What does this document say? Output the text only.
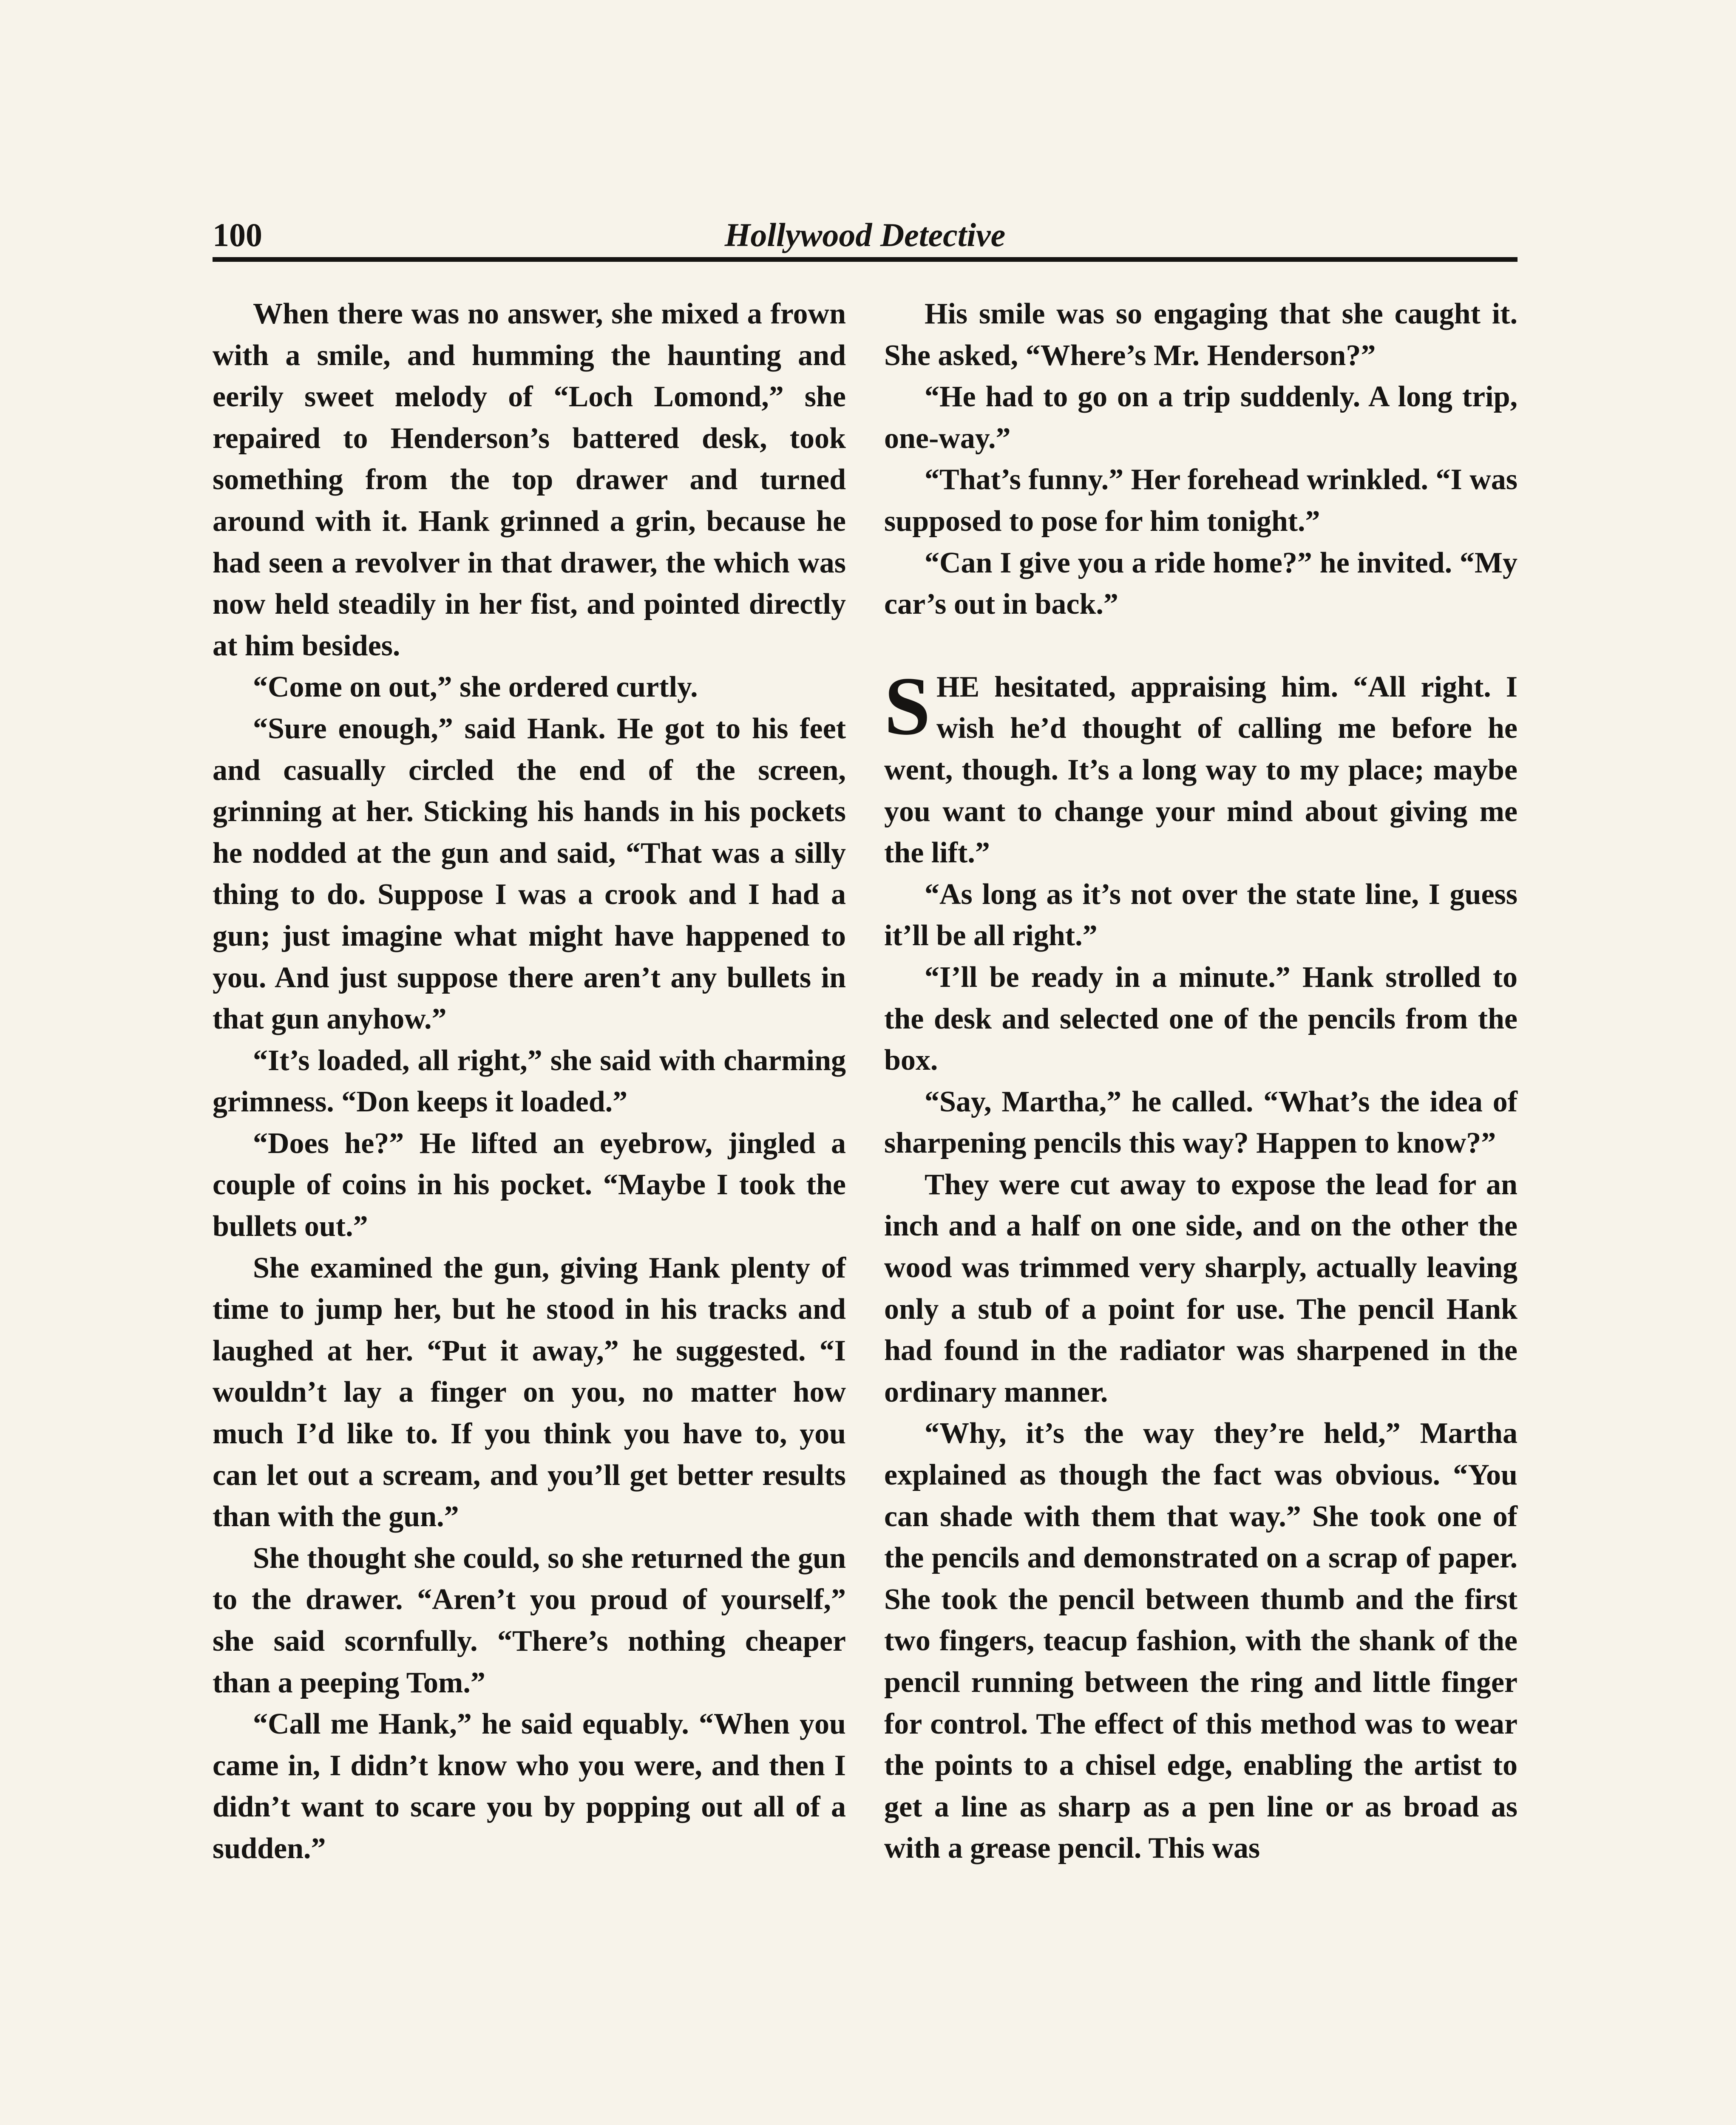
100	Hollywood Detective

When there was no answer, she mixed a frown with a smile, and humming the haunting and eerily sweet melody of “Loch Lomond,” she repaired to Henderson’s battered desk, took something from the top drawer and turned around with it. Hank grinned a grin, because he had seen a revolver in that drawer, the which was now held steadily in her fist, and pointed directly at him besides.

“Come on out,” she ordered curtly.

“Sure enough,” said Hank. He got to his feet and casually circled the end of the screen, grinning at her. Sticking his hands in his pockets he nodded at the gun and said, “That was a silly thing to do. Suppose I was a crook and I had a gun; just imagine what might have happened to you. And just suppose there aren’t any bullets in that gun anyhow.”

“It’s loaded, all right,” she said with charming grimness. “Don keeps it loaded.”

“Does he?” He lifted an eyebrow, jingled a couple of coins in his pocket. “Maybe I took the bullets out.”

She examined the gun, giving Hank plenty of time to jump her, but he stood in his tracks and laughed at her. “Put it away,” he suggested. “I wouldn’t lay a finger on you, no matter how much I’d like to. If you think you have to, you can let out a scream, and you’ll get better results than with the gun.”

She thought she could, so she returned the gun to the drawer. “Aren’t you proud of yourself,” she said scornfully. “There’s nothing cheaper than a peeping Tom.”

“Call me Hank,” he said equably. “When you came in, I didn’t know who you were, and then I didn’t want to scare you by popping out all of a sudden.”

His smile was so engaging that she caught it. She asked, “Where’s Mr. Henderson?”

“He had to go on a trip suddenly. A long trip, one-way.”

“That’s funny.” Her forehead wrinkled. “I was supposed to pose for him tonight.”

“Can I give you a ride home?” he invited. “My car’s out in back.”

SHE hesitated, appraising him. “All right. I wish he’d thought of calling me before he went, though. It’s a long way to my place; maybe you want to change your mind about giving me the lift.”

“As long as it’s not over the state line, I guess it’ll be all right.”

“I’ll be ready in a minute.” Hank strolled to the desk and selected one of the pencils from the box.

“Say, Martha,” he called. “What’s the idea of sharpening pencils this way? Happen to know?”

They were cut away to expose the lead for an inch and a half on one side, and on the other the wood was trimmed very sharply, actually leaving only a stub of a point for use. The pencil Hank had found in the radiator was sharpened in the ordinary manner.

“Why, it’s the way they’re held,” Martha explained as though the fact was obvious. “You can shade with them that way.” She took one of the pencils and demonstrated on a scrap of paper. She took the pencil between thumb and the first two fingers, teacup fashion, with the shank of the pencil running between the ring and little finger for control. The effect of this method was to wear the points to a chisel edge, enabling the artist to get a line as sharp as a pen line or as broad as with a grease pencil. This was
